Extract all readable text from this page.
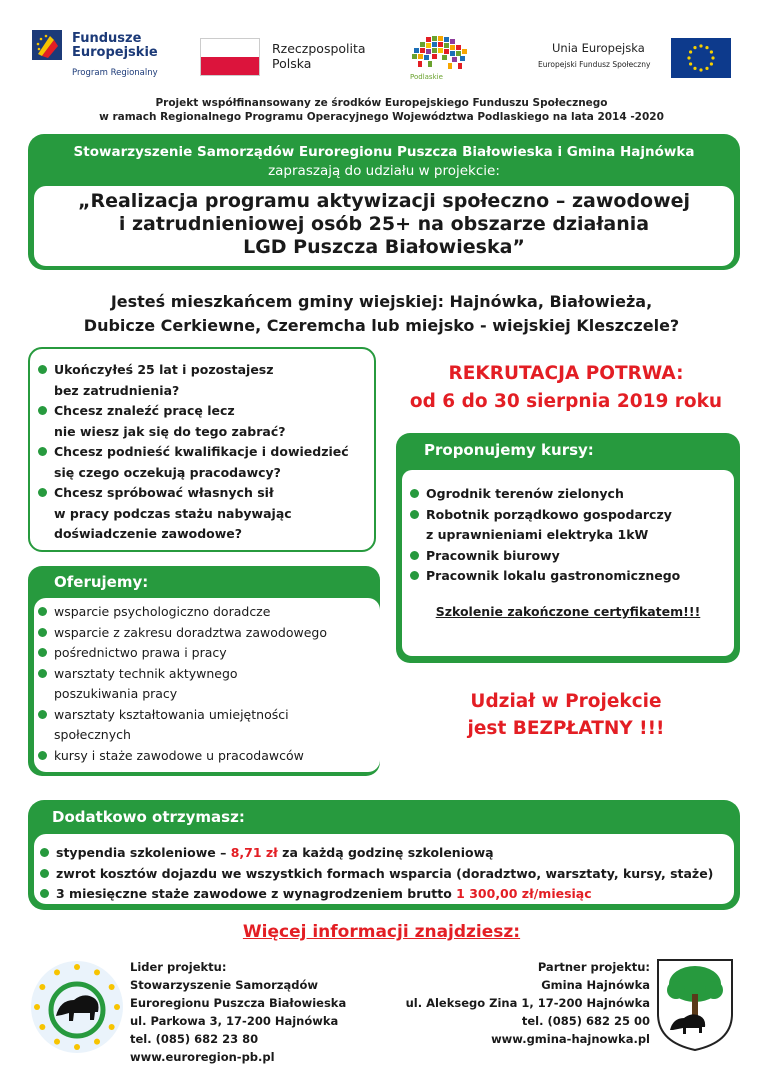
Fundusze
Europejskie
Program Regionalny
Rzeczpospolita
Polska
Podlaskie
Unia Europejska
Europejski Fundusz Społeczny
Projekt współfinansowany ze środków Europejskiego Funduszu Społecznego
w ramach Regionalnego Programu Operacyjnego Województwa Podlaskiego na lata 2014 -2020
Stowarzyszenie Samorządów Euroregionu Puszcza Białowieska i Gmina Hajnówka
zapraszają do udziału w projekcie:
„Realizacja programu aktywizacji społeczno – zawodowej
i zatrudnieniowej osób 25+ na obszarze działania
LGD Puszcza Białowieska”
Jesteś mieszkańcem gminy wiejskiej: Hajnówka, Białowieża,
Dubicze Cerkiewne, Czeremcha lub miejsko - wiejskiej Kleszczele?
Ukończyłeś 25 lat i pozostajesz
bez zatrudnienia?
Chcesz znaleźć pracę lecz
nie wiesz jak się do tego zabrać?
Chcesz podnieść kwalifikacje i dowiedzieć
się czego oczekują pracodawcy?
Chcesz spróbować własnych sił
w pracy podczas stażu nabywając
doświadczenie zawodowe?
REKRUTACJA POTRWA:
od 6 do 30 sierpnia 2019 roku
Proponujemy kursy:
Ogrodnik terenów zielonych
Robotnik porządkowo gospodarczy
z uprawnieniami elektryka 1kW
Pracownik biurowy
Pracownik lokalu gastronomicznego
Szkolenie zakończone certyfikatem!!!
Oferujemy:
wsparcie psychologiczno doradcze
wsparcie z zakresu doradztwa zawodowego
pośrednictwo prawa i pracy
warsztaty technik aktywnego
poszukiwania pracy
warsztaty kształtowania umiejętności
społecznych
kursy i staże zawodowe u pracodawców
Udział w Projekcie
jest BEZPŁATNY !!!
Dodatkowo otrzymasz:
stypendia szkoleniowe – 8,71 zł za każdą godzinę szkoleniową
zwrot kosztów dojazdu we wszystkich formach wsparcia (doradztwo, warsztaty, kursy, staże)
3 miesięczne staże zawodowe z wynagrodzeniem brutto 1 300,00 zł/miesiąc
Więcej informacji znajdziesz:
Lider projektu:
Stowarzyszenie Samorządów
Euroregionu Puszcza Białowieska
ul. Parkowa 3, 17-200 Hajnówka
tel. (085) 682 23 80
www.euroregion-pb.pl
Partner projektu:
Gmina Hajnówka
ul. Aleksego Zina 1, 17-200 Hajnówka
tel. (085) 682 25 00
www.gmina-hajnowka.pl
